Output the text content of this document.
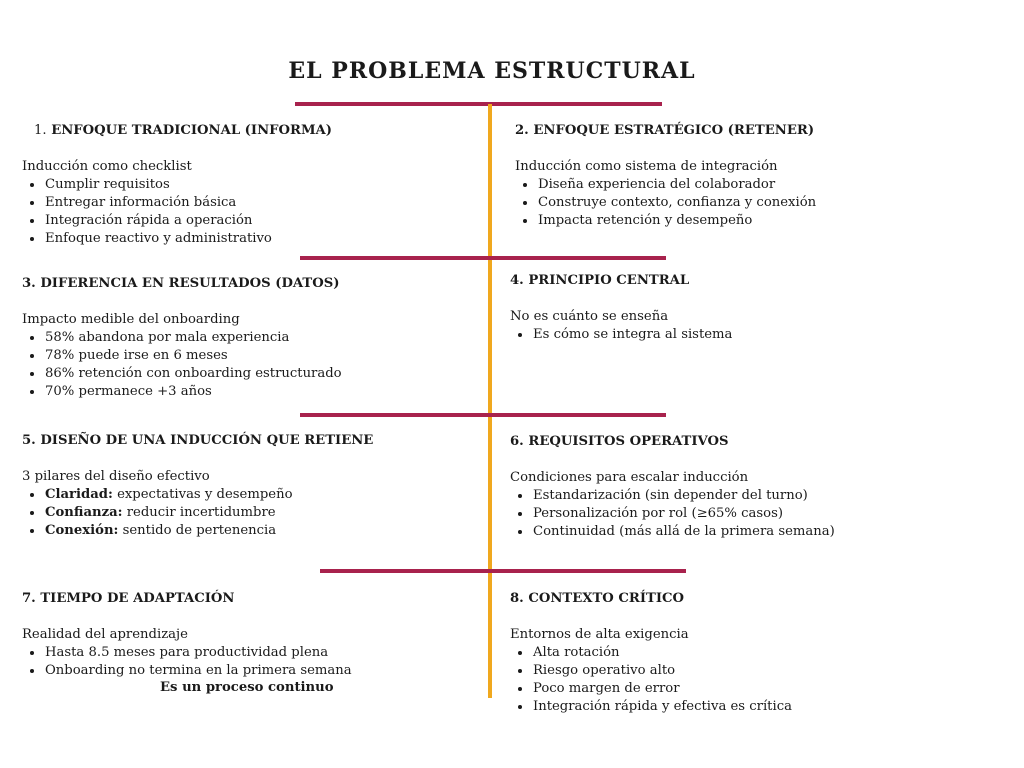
EL PROBLEMA ESTRUCTURAL
1. ENFOQUE TRADICIONAL (INFORMA)

Inducción como checklist

Cumplir requisitos
Entregar información básica
Integración rápida a operación
Enfoque reactivo y administrativo
2. ENFOQUE ESTRATÉGICO (RETENER)

Inducción como sistema de integración

Diseña experiencia del colaborador
Construye contexto, confianza y conexión
Impacta retención y desempeño
3. DIFERENCIA EN RESULTADOS (DATOS)

Impacto medible del onboarding

58% abandona por mala experiencia
78% puede irse en 6 meses
86% retención con onboarding estructurado
70% permanece +3 años
4. PRINCIPIO CENTRAL

No es cuánto se enseña

Es cómo se integra al sistema
5. DISEÑO DE UNA INDUCCIÓN QUE RETIENE

3 pilares del diseño efectivo

Claridad: expectativas y desempeño
Confianza: reducir incertidumbre
Conexión: sentido de pertenencia
6. REQUISITOS OPERATIVOS

Condiciones para escalar inducción

Estandarización (sin depender del turno)
Personalización por rol (≥65% casos)
Continuidad (más allá de la primera semana)
7. TIEMPO DE ADAPTACIÓN

Realidad del aprendizaje

Hasta 8.5 meses para productividad plena
Onboarding no termina en la primera semana
Es un proceso continuo
8. CONTEXTO CRÍTICO

Entornos de alta exigencia

Alta rotación
Riesgo operativo alto
Poco margen de error
Integración rápida y efectiva es crítica
